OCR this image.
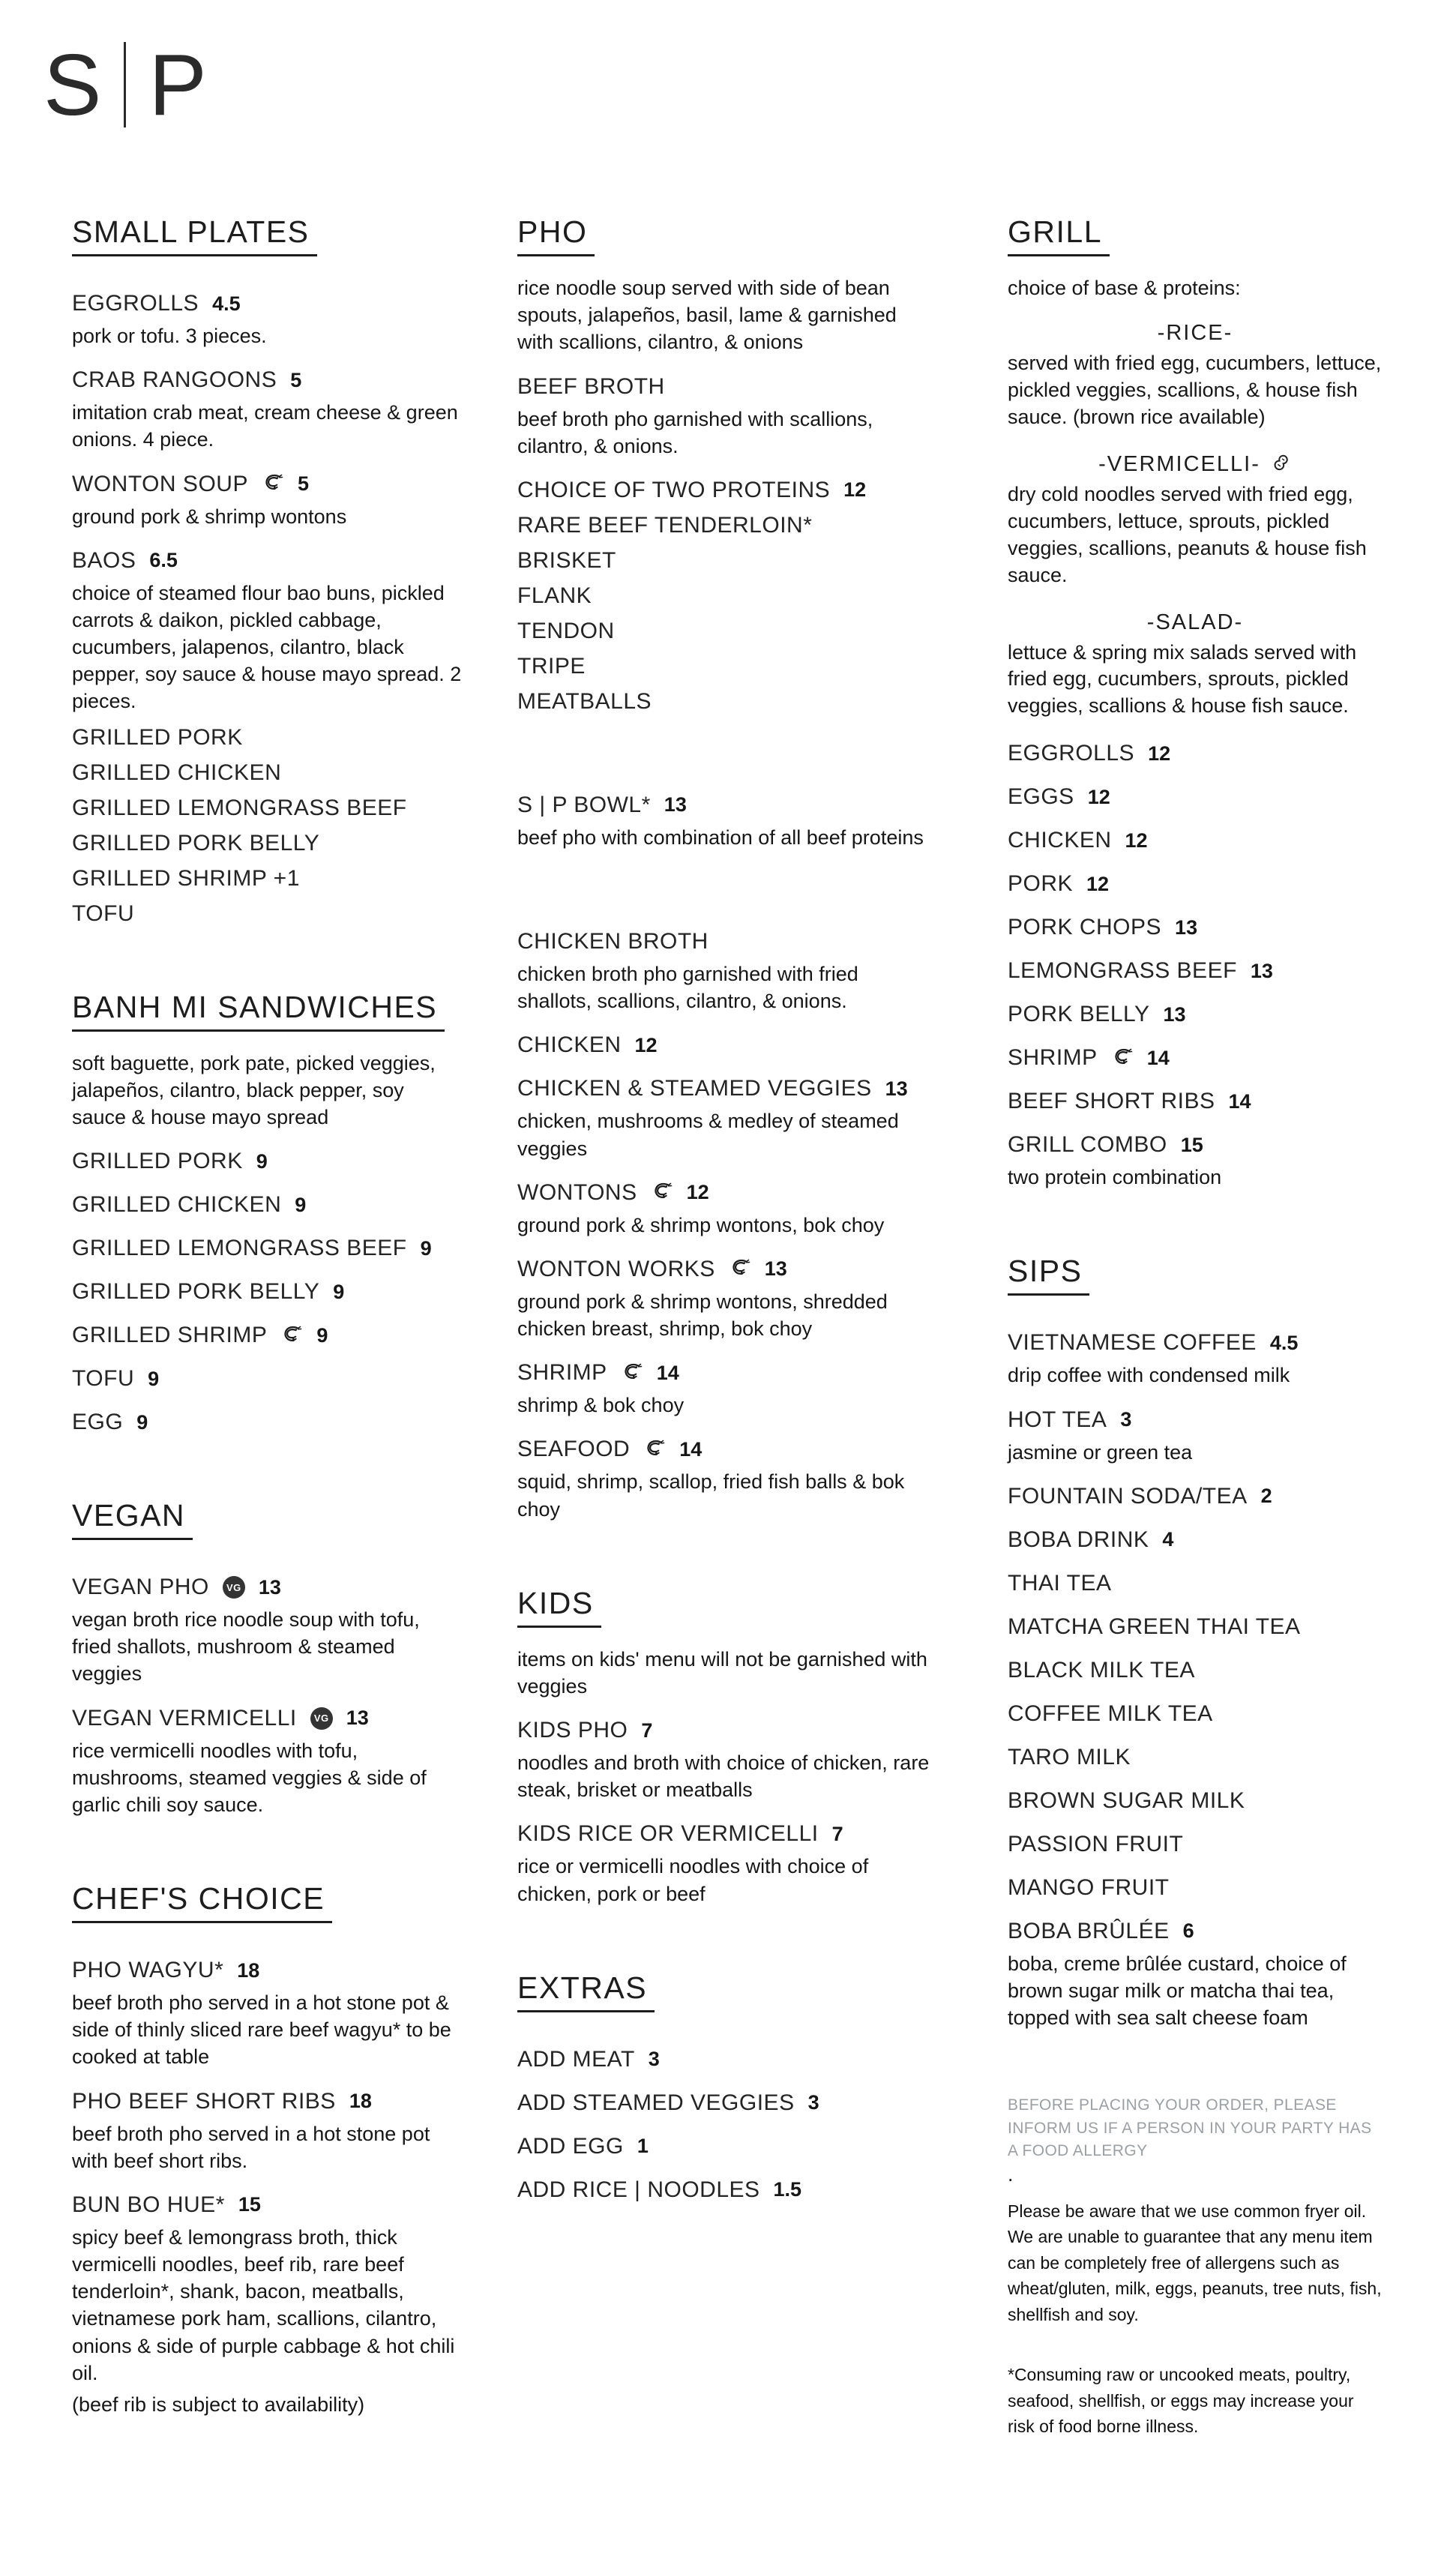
S P
SMALL PLATES
EGGROLLS 4.5

pork or tofu. 3 pieces.

CRAB RANGOONS 5

imitation crab meat, cream cheese & green onions. 4 piece.

WONTON SOUP 5

ground pork & shrimp wontons

BAOS 6.5

choice of steamed flour bao buns, pickled carrots & daikon, pickled cabbage, cucumbers, jalapenos, cilantro, black pepper, soy sauce & house mayo spread. 2 pieces.

GRILLED PORK
GRILLED CHICKEN
GRILLED LEMONGRASS BEEF
GRILLED PORK BELLY
GRILLED SHRIMP +1
TOFU
BANH MI SANDWICHES

soft baguette, pork pate, picked veggies, jalapeños, cilantro, black pepper, soy sauce & house mayo spread

GRILLED PORK 9
GRILLED CHICKEN 9
GRILLED LEMONGRASS BEEF 9
GRILLED PORK BELLY 9
GRILLED SHRIMP 9
TOFU 9
EGG 9
VEGAN
VEGAN PHO	VG 13

vegan broth rice noodle soup with tofu, fried shallots, mushroom & steamed veggies

VEGAN VERMICELLI	VG 13

rice vermicelli noodles with tofu, mushrooms, steamed veggies & side of garlic chili soy sauce.

CHEF'S CHOICE
PHO WAGYU* 18

beef broth pho served in a hot stone pot & side of thinly sliced rare beef wagyu* to be cooked at table

PHO BEEF SHORT RIBS 18

beef broth pho served in a hot stone pot with beef short ribs.

BUN BO HUE* 15

spicy beef & lemongrass broth, thick vermicelli noodles, beef rib, rare beef tenderloin*, shank, bacon, meatballs, vietnamese pork ham, scallions, cilantro, onions & side of purple cabbage & hot chili oil.

(beef rib is subject to availability)

PHO

rice noodle soup served with side of bean spouts, jalapeños, basil, lame & garnished with scallions, cilantro, & onions

BEEF BROTH

beef broth pho garnished with scallions, cilantro, & onions.

CHOICE OF TWO PROTEINS 12
RARE BEEF TENDERLOIN*
BRISKET
FLANK
TENDON
TRIPE
MEATBALLS
S | P BOWL* 13

beef pho with combination of all beef proteins

CHICKEN BROTH

chicken broth pho garnished with fried shallots, scallions, cilantro, & onions.

CHICKEN 12
CHICKEN & STEAMED VEGGIES 13

chicken, mushrooms & medley of steamed veggies

WONTONS 12

ground pork & shrimp wontons, bok choy

WONTON WORKS 13

ground pork & shrimp wontons, shredded chicken breast, shrimp, bok choy

SHRIMP 14

shrimp & bok choy

SEAFOOD 14

squid, shrimp, scallop, fried fish balls & bok choy

KIDS

items on kids' menu will not be garnished with veggies

KIDS PHO 7

noodles and broth with choice of chicken, rare steak, brisket or meatballs

KIDS RICE OR VERMICELLI 7

rice or vermicelli noodles with choice of chicken, pork or beef

EXTRAS
ADD MEAT 3
ADD STEAMED VEGGIES 3
ADD EGG 1
ADD RICE | NOODLES 1.5
GRILL

choice of base & proteins:

-RICE-

served with fried egg, cucumbers, lettuce, pickled veggies, scallions, & house fish sauce. (brown rice available)

-VERMICELLI-

dry cold noodles served with fried egg, cucumbers, lettuce, sprouts, pickled veggies, scallions, peanuts & house fish sauce.

-SALAD-

lettuce & spring mix salads served with fried egg, cucumbers, sprouts, pickled veggies, scallions & house fish sauce.

EGGROLLS 12
EGGS 12
CHICKEN 12
PORK 12
PORK CHOPS 13
LEMONGRASS BEEF 13
PORK BELLY 13
SHRIMP 14
BEEF SHORT RIBS 14
GRILL COMBO 15

two protein combination

SIPS
VIETNAMESE COFFEE 4.5

drip coffee with condensed milk

HOT TEA 3

jasmine or green tea

FOUNTAIN SODA/TEA 2
BOBA DRINK 4
THAI TEA
MATCHA GREEN THAI TEA
BLACK MILK TEA
COFFEE MILK TEA
TARO MILK
BROWN SUGAR MILK
PASSION FRUIT
MANGO FRUIT
BOBA BRÛLÉE 6

boba, creme brûlée custard, choice of brown sugar milk or matcha thai tea, topped with sea salt cheese foam

BEFORE PLACING YOUR ORDER, PLEASE INFORM US IF A PERSON IN YOUR PARTY HAS A FOOD ALLERGY

.

Please be aware that we use common fryer oil. We are unable to guarantee that any menu item can be completely free of allergens such as wheat/gluten, milk, eggs, peanuts, tree nuts, fish, shellfish and soy.

*Consuming raw or uncooked meats, poultry, seafood, shellfish, or eggs may increase your risk of food borne illness.
